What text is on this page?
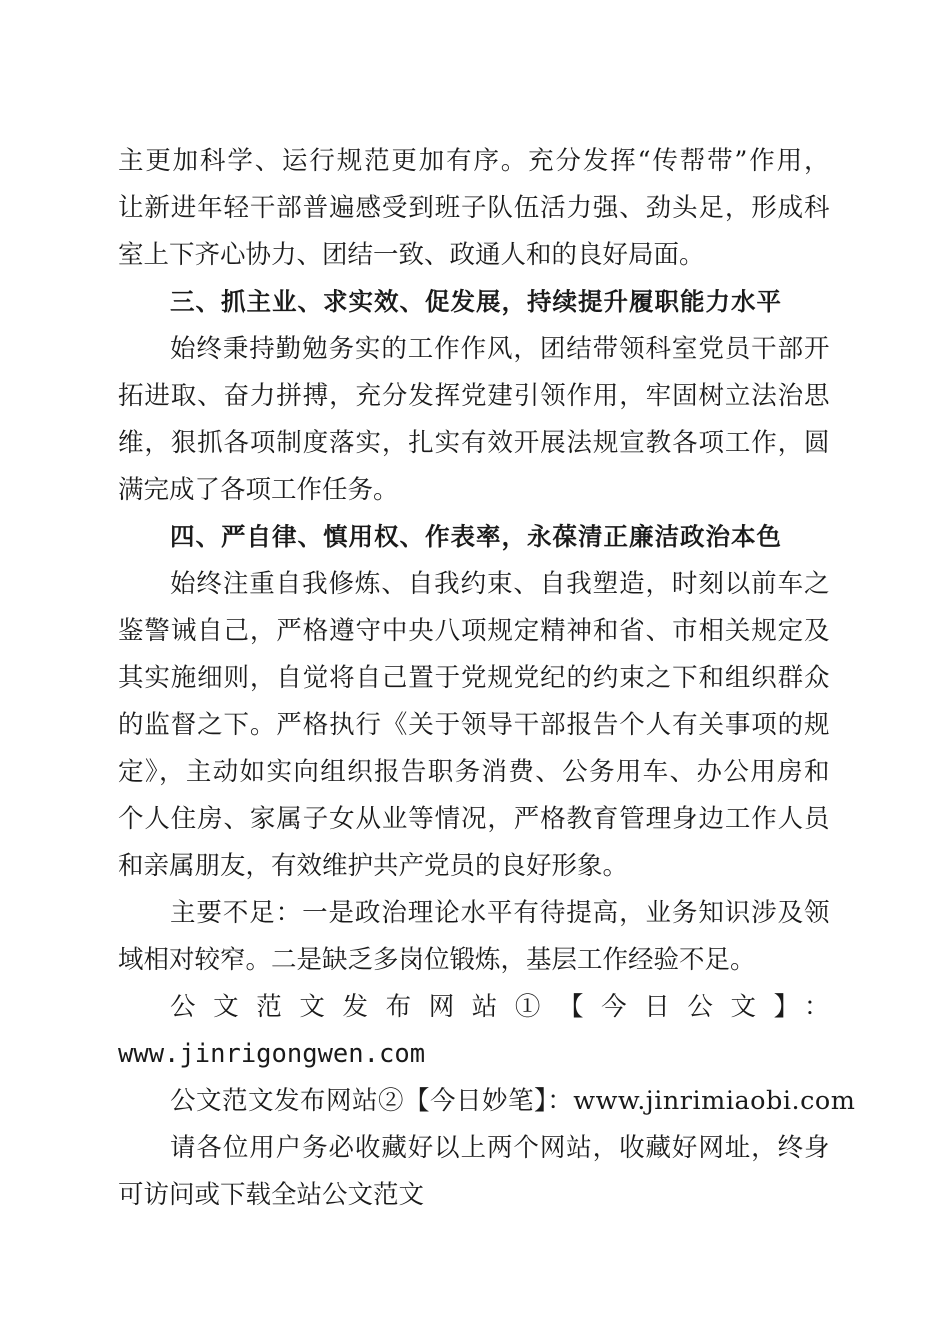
主更加科学、运行规范更加有序。充分发挥“传帮带”作用，
让新进年轻干部普遍感受到班子队伍活力强、劲头足，形成科
室上下齐心协力、团结一致、政通人和的良好局面。
三、抓主业、求实效、促发展，持续提升履职能力水平
始终秉持勤勉务实的工作作风，团结带领科室党员干部开
拓进取、奋力拼搏，充分发挥党建引领作用，牢固树立法治思
维，狠抓各项制度落实，扎实有效开展法规宣教各项工作，圆
满完成了各项工作任务。
四、严自律、慎用权、作表率，永葆清正廉洁政治本色
始终注重自我修炼、自我约束、自我塑造，时刻以前车之
鉴警诫自己，严格遵守中央八项规定精神和省、市相关规定及
其实施细则，自觉将自己置于党规党纪的约束之下和组织群众
的监督之下。严格执行《关于领导干部报告个人有关事项的规
定》，主动如实向组织报告职务消费、公务用车、办公用房和
个人住房、家属子女从业等情况，严格教育管理身边工作人员
和亲属朋友，有效维护共产党员的良好形象。
主要不足：一是政治理论水平有待提高，业务知识涉及领
域相对较窄。二是缺乏多岗位锻炼，基层工作经验不足。
公文范文发布网站①【今日公文】：
www.jinrigongwen.com
公文范文发布网站②【今日妙笔】：www.jinrimiaobi.com
请各位用户务必收藏好以上两个网站，收藏好网址，终身
可访问或下载全站公文范文
